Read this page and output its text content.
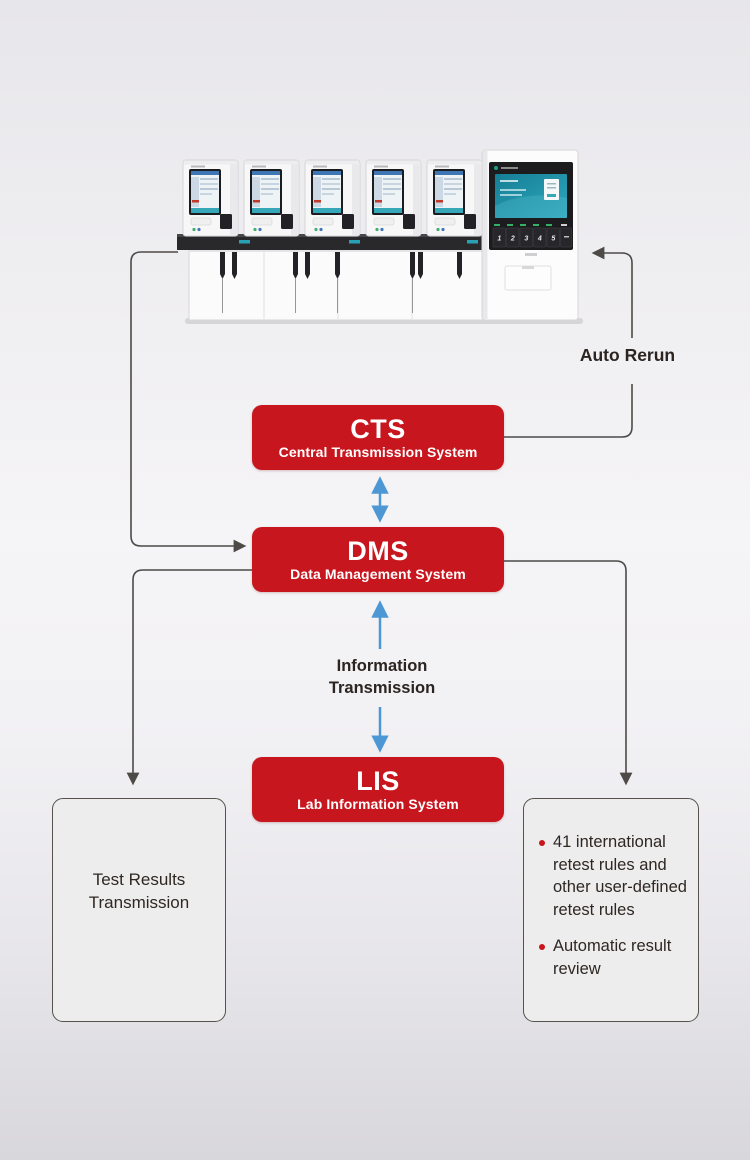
1 2 3 4 5
Auto Rerun
CTS
Central Transmission System
DMS
Data Management System
Information Transmission
LIS
Lab Information System
Test Results Transmission
41 international retest rules and other user-defined retest rules
Automatic result review
